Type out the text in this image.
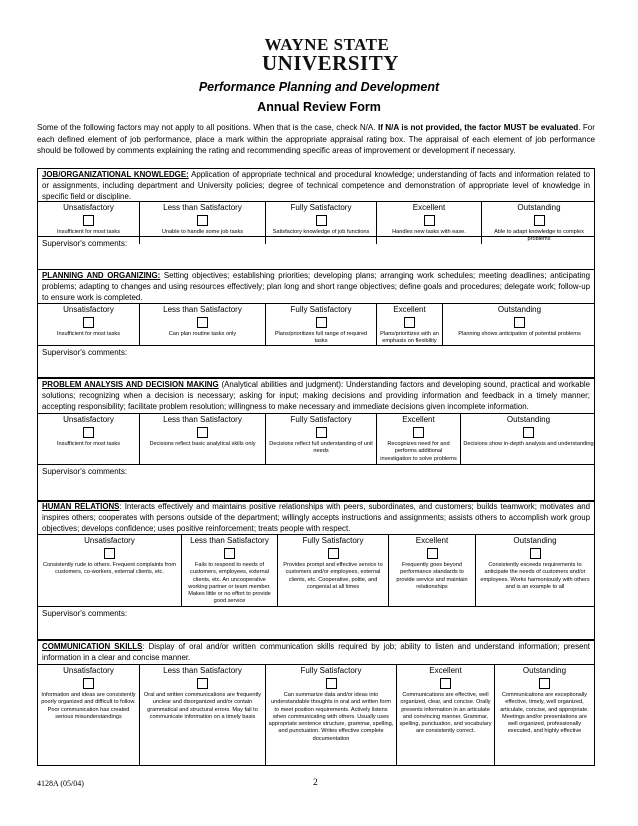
WAYNE STATE
UNIVERSITY
Performance Planning and Development
Annual Review Form
Some of the following factors may not apply to all positions. When that is the case, check N/A. If N/A is not provided, the factor MUST be evaluated. For each defined element of job performance, place a mark within the appropriate appraisal rating box. The appraisal of each element of job performance should be followed by comments explaining the rating and recommending specific areas of improvement or development if necessary.
JOB/ORGANIZATIONAL KNOWLEDGE: Application of appropriate technical and procedural knowledge; understanding of facts and information related to or assignments, including department and University policies; degree of technical competence and demonstration of appropriate level of knowledge in specific field or discipline.
Unsatisfactory
Insufficient for most tasks
Less than Satisfactory
Unable to handle some job tasks
Fully Satisfactory
Satisfactory knowledge of job functions
Excellent
Handles new tasks with ease.
Outstanding
Able to adapt knowledge to complex problems
Supervisor's comments:
PLANNING AND ORGANIZING: Setting objectives; establishing priorities; developing plans; arranging work schedules; meeting deadlines; anticipating problems; adapting to changes and using resources effectively; plan long and short range objectives; define goals and procedures; delegate work; follow-up to ensure work is completed.
Unsatisfactory
Insufficient for most tasks
Less than Satisfactory
Can plan routine tasks only
Fully Satisfactory
Plans/prioritizes full range of required tasks
Excellent
Plans/prioritizes with an emphasis on flexibility
Outstanding
Planning shows anticipation of potential problems
Supervisor's comments:
PROBLEM ANALYSIS AND DECISION MAKING (Analytical abilities and judgment): Understanding factors and developing sound, practical and workable solutions; recognizing when a decision is necessary; asking for input; making decisions and providing information and feedback in a timely manner; accepting responsibility; facilitate problem resolution; willingness to make necessary and immediate decisions given incomplete information.
Unsatisfactory
Insufficient for most tasks
Less than Satisfactory
Decisions reflect basic analytical skills only
Fully Satisfactory
Decisions reflect full understanding of unit needs
Excellent
Recognizes need for and performs additional investigation to solve problems
Outstanding
Decisions show in-depth analysis and understanding
Supervisor's comments:
HUMAN RELATIONS: Interacts effectively and maintains positive relationships with peers, subordinates, and customers; builds teamwork; motivates and inspires others; cooperates with persons outside of the department; willingly accepts instructions and assignments; assists others to accomplish work group objectives; develops confidence; uses positive reinforcement; treats people with respect.
Unsatisfactory
Consistently rude to others. Frequent complaints from customers, co-workers, external clients, etc.
Less than Satisfactory
Fails to respond to needs of customers, employees, external clients, etc. An uncooperative working partner or team member. Makes little or no effort to provide good service
Fully Satisfactory
Provides prompt and effective service to customers and/or employees, external clients, etc. Cooperative, polite, and congenial at all times
Excellent
Frequently goes beyond performance standards to provide service and maintain relationships
Outstanding
Consistently exceeds requirements to anticipate the needs of customers and/or employees. Works harmoniously with others and is an example to all
Supervisor's comments:
COMMUNICATION SKILLS: Display of oral and/or written communication skills required by job; ability to listen and understand information; present information in a clear and concise manner.
Unsatisfactory
Information and ideas are consistently poorly organized and difficult to follow. Poor communication has created serious misunderstandings
Less than Satisfactory
Oral and written communications are frequently unclear and disorganized and/or contain grammatical and structural errors. May fail to communicate information on a timely basis
Fully Satisfactory
Can summarize data and/or ideas into understandable thoughts in oral and written form to meet position requirements. Actively listens when communicating with others. Usually uses appropriate sentence structure, grammar, spelling, and punctuation. Writes effective complete documentation
Excellent
Communications are effective, well organized, clear, and concise. Orally presents information in an articulate and convincing manner. Grammar, spelling, punctuation, and vocabulary are consistently correct.
Outstanding
Communications are exceptionally effective, timely, well organized, articulate, concise, and appropriate. Meetings and/or presentations are well organized, professionally executed, and highly effective
4128A (05/04)	2
